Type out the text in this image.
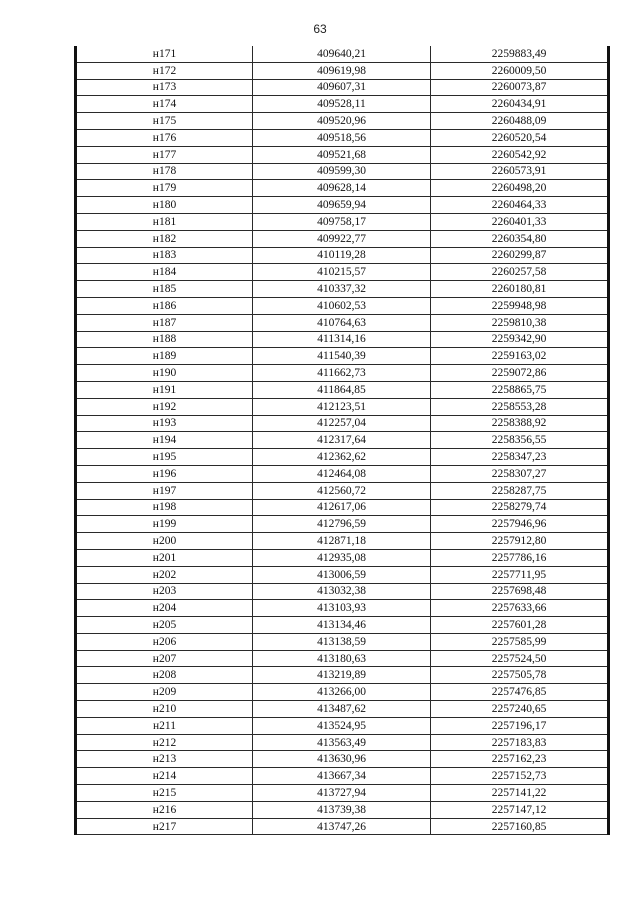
63
н171	409640,21	2259883,49
н172	409619,98	2260009,50
н173	409607,31	2260073,87
н174	409528,11	2260434,91
н175	409520,96	2260488,09
н176	409518,56	2260520,54
н177	409521,68	2260542,92
н178	409599,30	2260573,91
н179	409628,14	2260498,20
н180	409659,94	2260464,33
н181	409758,17	2260401,33
н182	409922,77	2260354,80
н183	410119,28	2260299,87
н184	410215,57	2260257,58
н185	410337,32	2260180,81
н186	410602,53	2259948,98
н187	410764,63	2259810,38
н188	411314,16	2259342,90
н189	411540,39	2259163,02
н190	411662,73	2259072,86
н191	411864,85	2258865,75
н192	412123,51	2258553,28
н193	412257,04	2258388,92
н194	412317,64	2258356,55
н195	412362,62	2258347,23
н196	412464,08	2258307,27
н197	412560,72	2258287,75
н198	412617,06	2258279,74
н199	412796,59	2257946,96
н200	412871,18	2257912,80
н201	412935,08	2257786,16
н202	413006,59	2257711,95
н203	413032,38	2257698,48
н204	413103,93	2257633,66
н205	413134,46	2257601,28
н206	413138,59	2257585,99
н207	413180,63	2257524,50
н208	413219,89	2257505,78
н209	413266,00	2257476,85
н210	413487,62	2257240,65
н211	413524,95	2257196,17
н212	413563,49	2257183,83
н213	413630,96	2257162,23
н214	413667,34	2257152,73
н215	413727,94	2257141,22
н216	413739,38	2257147,12
н217	413747,26	2257160,85
